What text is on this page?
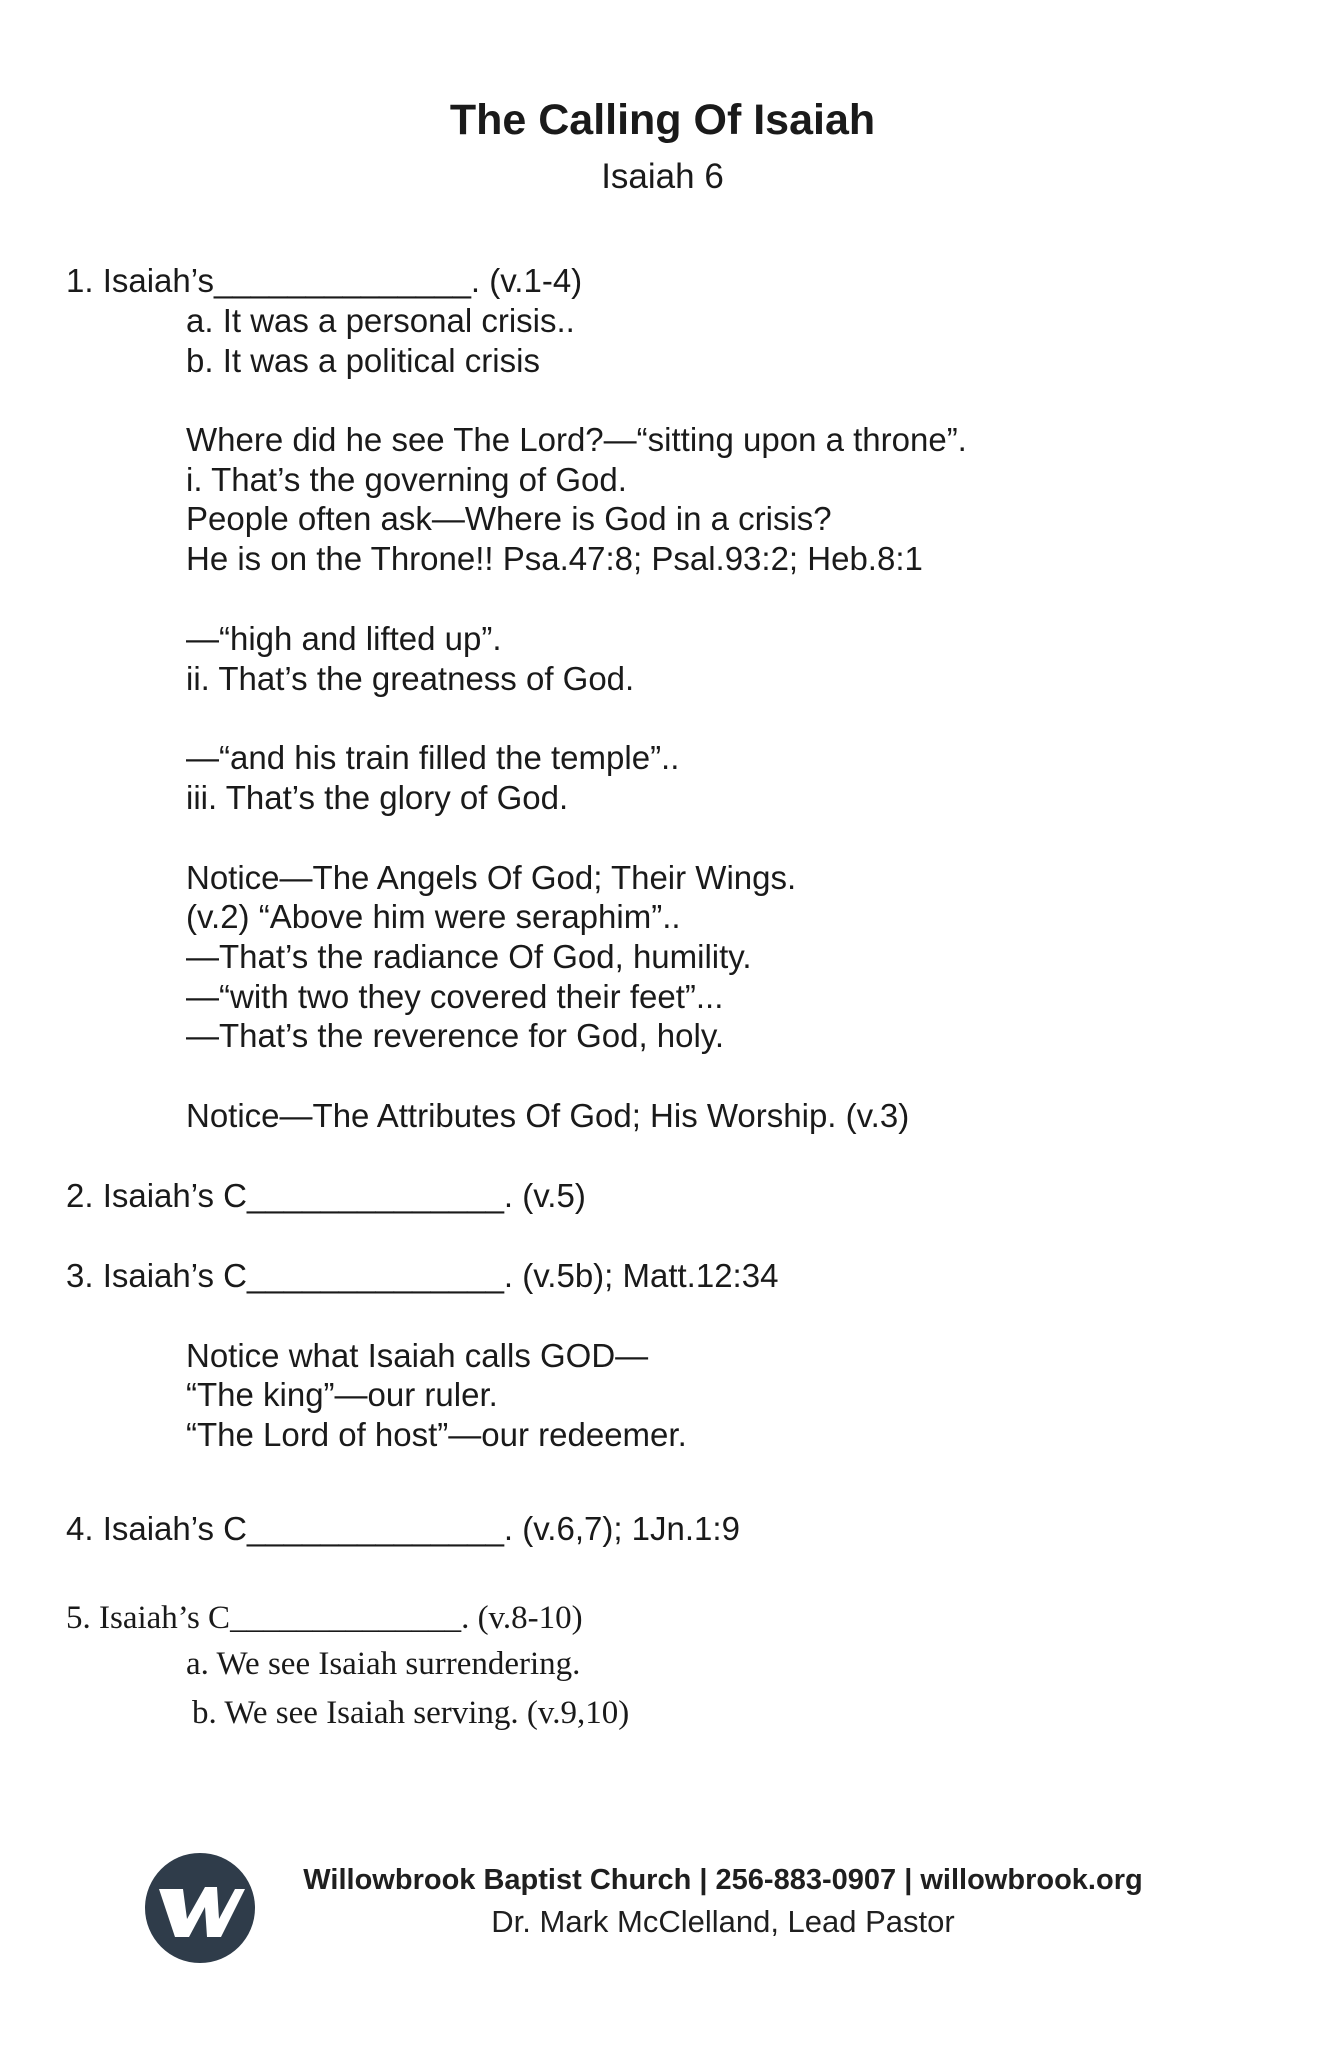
The Calling Of Isaiah
Isaiah 6
1. Isaiah’s______________. (v.1-4)
a. It was a personal crisis..
b. It was a political crisis
Where did he see The Lord?—“sitting upon a throne”.
i. That’s the governing of God.
People often ask—Where is God in a crisis?
He is on the Throne!! Psa.47:8; Psal.93:2; Heb.8:1
—“high and lifted up”.
ii. That’s the greatness of God.
—“and his train filled the temple”..
iii. That’s the glory of God.
Notice—The Angels Of God; Their Wings.
(v.2) “Above him were seraphim”..
—That’s the radiance Of God, humility.
—“with two they covered their feet”...
—That’s the reverence for God, holy.
Notice—The Attributes Of God; His Worship. (v.3)
2. Isaiah’s C______________. (v.5)
3. Isaiah’s C______________. (v.5b); Matt.12:34
Notice what Isaiah calls GOD—
“The king”—our ruler.
“The Lord of host”—our redeemer.
4. Isaiah’s C______________. (v.6,7); 1Jn.1:9
5. Isaiah’s C______________. (v.8-10)
a. We see Isaiah surrendering.
b. We see Isaiah serving. (v.9,10)
Willowbrook Baptist Church | 256-883-0907 | willowbrook.org
Dr. Mark McClelland, Lead Pastor
